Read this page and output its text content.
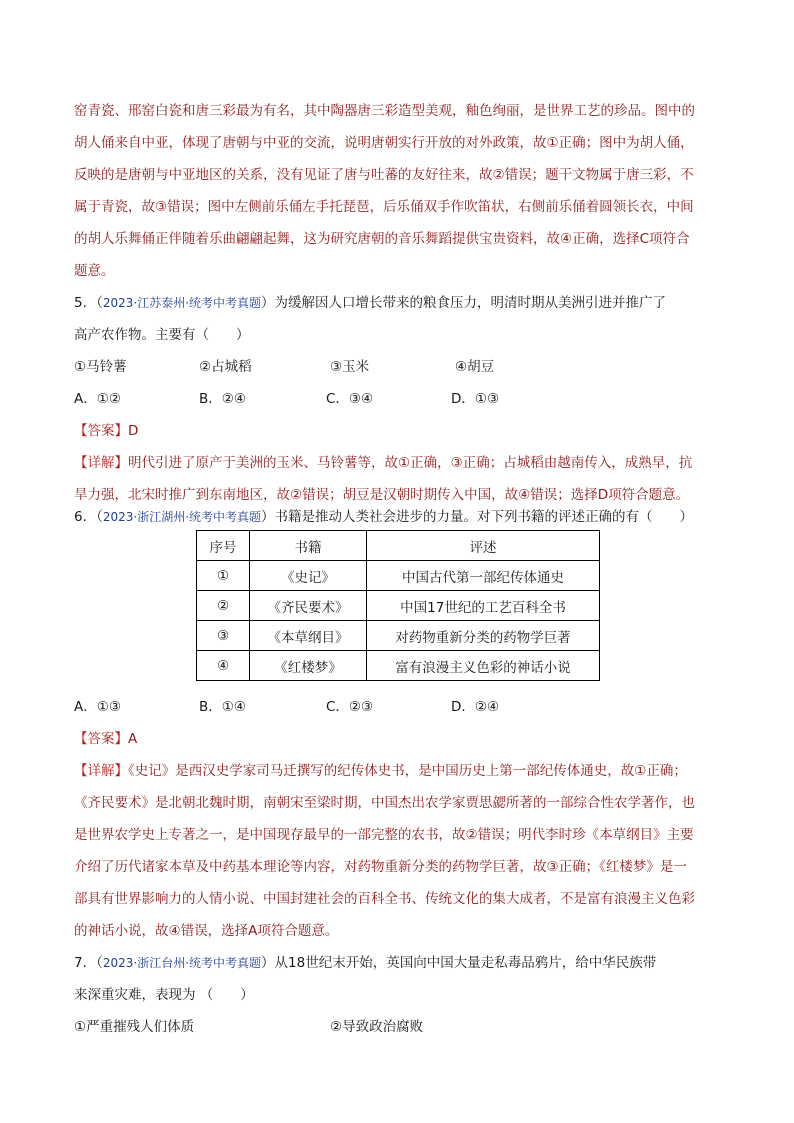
窑青瓷、邢窑白瓷和唐三彩最为有名，其中陶器唐三彩造型美观，釉色绚丽，是世界工艺的珍品。图中的
胡人俑来自中亚，体现了唐朝与中亚的交流，说明唐朝实行开放的对外政策，故①正确；图中为胡人俑，
反映的是唐朝与中亚地区的关系，没有见证了唐与吐蕃的友好往来，故②错误；题干文物属于唐三彩，不
属于青瓷，故③错误；图中左侧前乐俑左手托琵琶，后乐俑双手作吹笛状，右侧前乐俑着圆领长衣，中间
的胡人乐舞俑正伴随着乐曲翩翩起舞，这为研究唐朝的音乐舞蹈提供宝贵资料，故④正确，选择C项符合
题意。
5．（2023·江苏泰州·统考中考真题）为缓解因人口增长带来的粮食压力，明清时期从美洲引进并推广了
高产农作物。主要有（　　）
①马铃薯	②占城稻	③玉米	④胡豆
A．①②	B．②④	C．③④	D．①③
【答案】D
【详解】明代引进了原产于美洲的玉米、马铃薯等，故①正确，③正确；占城稻由越南传入，成熟早，抗
旱力强，北宋时推广到东南地区，故②错误；胡豆是汉朝时期传入中国，故④错误；选择D项符合题意。
6．（2023·浙江湖州·统考中考真题）书籍是推动人类社会进步的力量。对下列书籍的评述正确的有（　　）
序号	书籍	评述
①	《史记》	中国古代第一部纪传体通史
②	《齐民要术》	中国17世纪的工艺百科全书
③	《本草纲目》	对药物重新分类的药物学巨著
④	《红楼梦》	富有浪漫主义色彩的神话小说
A．①③	B．①④	C．②③	D．②④
【答案】A
【详解】《史记》是西汉史学家司马迁撰写的纪传体史书，是中国历史上第一部纪传体通史，故①正确；
《齐民要术》是北朝北魏时期，南朝宋至梁时期，中国杰出农学家贾思勰所著的一部综合性农学著作，也
是世界农学史上专著之一，是中国现存最早的一部完整的农书，故②错误；明代李时珍《本草纲目》主要
介绍了历代诸家本草及中药基本理论等内容，对药物重新分类的药物学巨著，故③正确；《红楼梦》是一
部具有世界影响力的人情小说、中国封建社会的百科全书、传统文化的集大成者，不是富有浪漫主义色彩
的神话小说，故④错误，选择A项符合题意。
7．（2023·浙江台州·统考中考真题）从18世纪末开始，英国向中国大量走私毒品鸦片，给中华民族带
来深重灾难，表现为 （　　）
①严重摧残人们体质	②导致政治腐败
